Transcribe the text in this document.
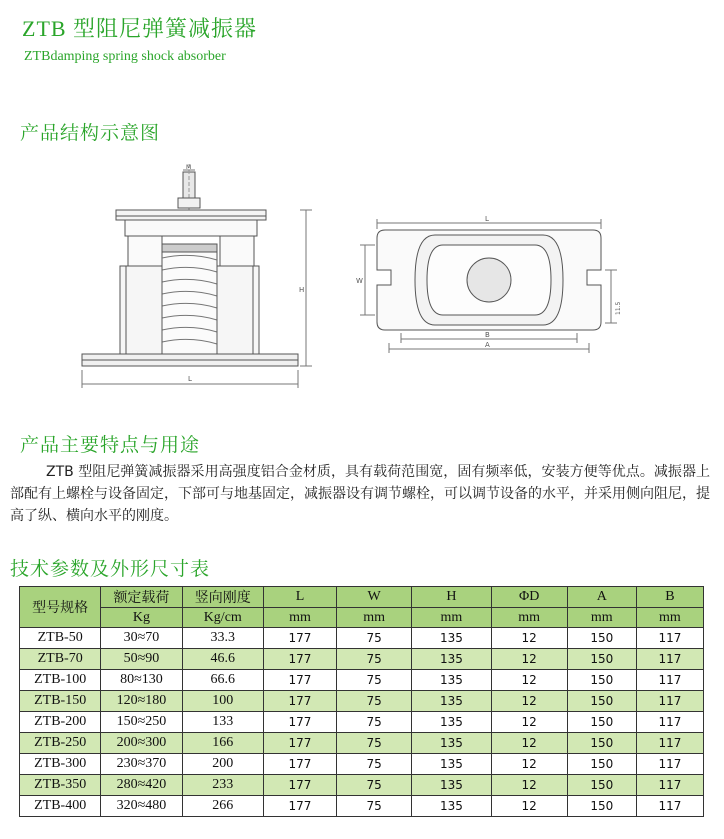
ZTB 型阻尼弹簧减振器
ZTBdamping spring shock absorber
产品结构示意图
M
H
L
L
W
B
A
11.5
产品主要特点与用途
ZTB 型阻尼弹簧减振器采用高强度铝合金材质，具有载荷范围宽，固有频率低，安装方便等优点。减振器上部配有上螺栓与设备固定，下部可与地基固定，减振器设有调节螺栓，可以调节设备的水平，并采用侧向阻尼，提高了纵、横向水平的刚度。
技术参数及外形尺寸表
型号规格	额定载荷	竖向刚度	L	W	H	ΦD	A	B
	Kg	Kg/cm	mm	mm	mm	mm	mm	mm
ZTB-50	30≈70	33.3	177	75	135	12	150	117
ZTB-70	50≈90	46.6	177	75	135	12	150	117
ZTB-100	80≈130	66.6	177	75	135	12	150	117
ZTB-150	120≈180	100	177	75	135	12	150	117
ZTB-200	150≈250	133	177	75	135	12	150	117
ZTB-250	200≈300	166	177	75	135	12	150	117
ZTB-300	230≈370	200	177	75	135	12	150	117
ZTB-350	280≈420	233	177	75	135	12	150	117
ZTB-400	320≈480	266	177	75	135	12	150	117
